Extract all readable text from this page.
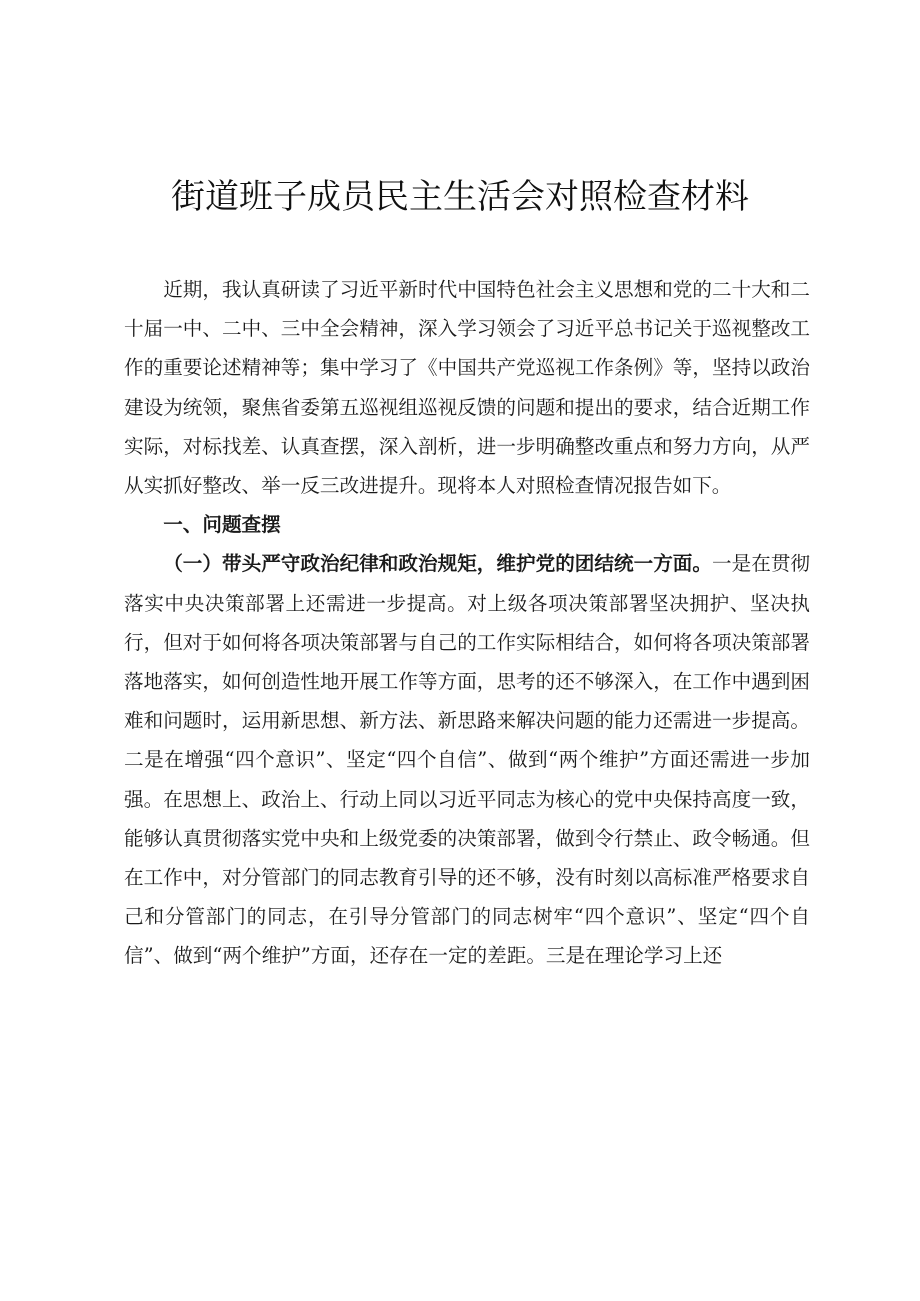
街道班子成员民主生活会对照检查材料

近期，我认真研读了习近平新时代中国特色社会主义思想和党的二十大和二十届一中、二中、三中全会精神，深入学习领会了习近平总书记关于巡视整改工作的重要论述精神等；集中学习了《中国共产党巡视工作条例》等，坚持以政治建设为统领，聚焦省委第五巡视组巡视反馈的问题和提出的要求，结合近期工作实际，对标找差、认真查摆，深入剖析，进一步明确整改重点和努力方向，从严从实抓好整改、举一反三改进提升。现将本人对照检查情况报告如下。

一、问题查摆

（一）带头严守政治纪律和政治规矩，维护党的团结统一方面。一是在贯彻落实中央决策部署上还需进一步提高。对上级各项决策部署坚决拥护、坚决执行，但对于如何将各项决策部署与自己的工作实际相结合，如何将各项决策部署落地落实，如何创造性地开展工作等方面，思考的还不够深入，在工作中遇到困难和问题时，运用新思想、新方法、新思路来解决问题的能力还需进一步提高。二是在增强“四个意识”、坚定“四个自信”、做到“两个维护”方面还需进一步加强。在思想上、政治上、行动上同以习近平同志为核心的党中央保持高度一致，能够认真贯彻落实党中央和上级党委的决策部署，做到令行禁止、政令畅通。但在工作中，对分管部门的同志教育引导的还不够，没有时刻以高标准严格要求自己和分管部门的同志，在引导分管部门的同志树牢“四个意识”、坚定“四个自信”、做到“两个维护”方面，还存在一定的差距。三是在理论学习上还
